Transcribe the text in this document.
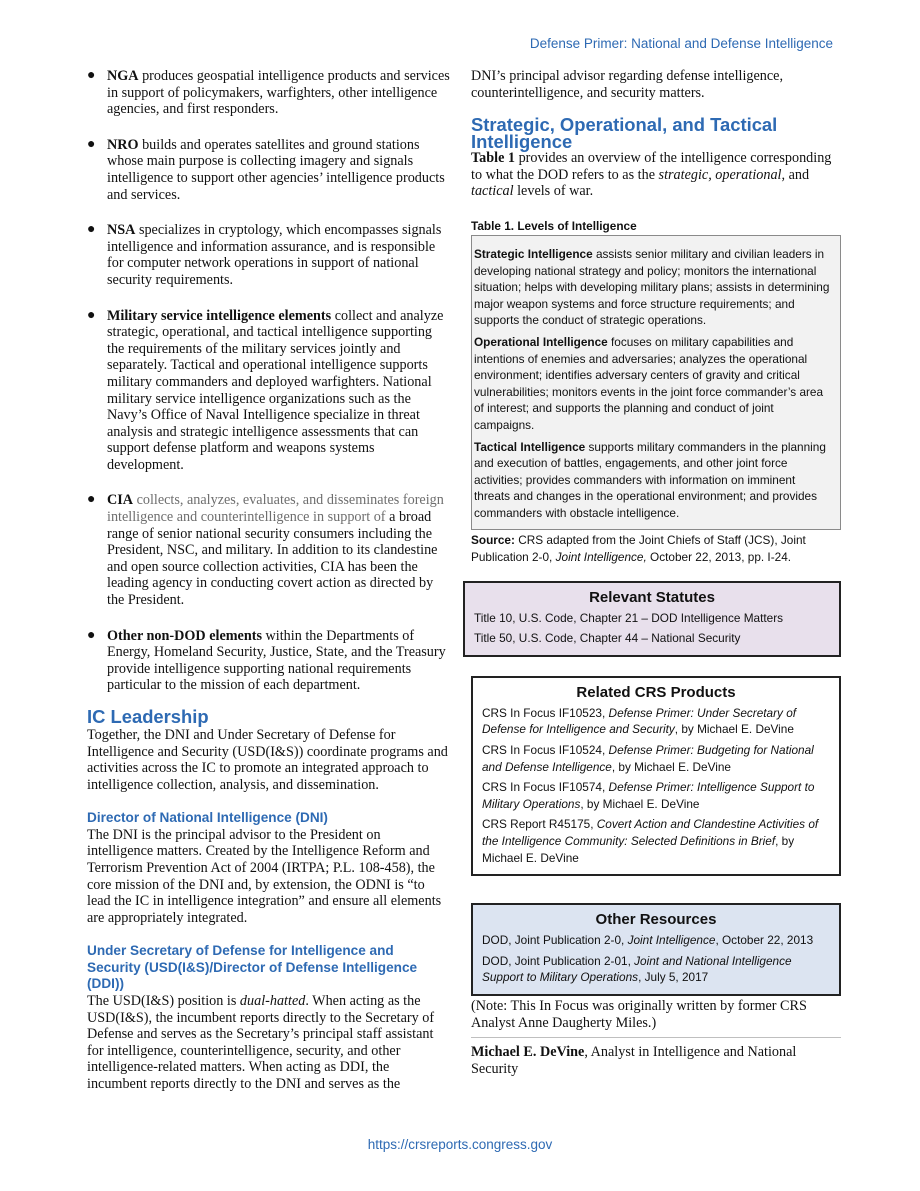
Defense Primer: National and Defense Intelligence
● NGA produces geospatial intelligence products and services in support of policymakers, warfighters, other intelligence agencies, and first responders.
● NRO builds and operates satellites and ground stations whose main purpose is collecting imagery and signals intelligence to support other agencies’ intelligence products and services.
● NSA specializes in cryptology, which encompasses signals intelligence and information assurance, and is responsible for computer network operations in support of national security requirements.
● Military service intelligence elements collect and analyze strategic, operational, and tactical intelligence supporting the requirements of the military services jointly and separately. Tactical and operational intelligence supports military commanders and deployed warfighters. National military service intelligence organizations such as the Navy’s Office of Naval Intelligence specialize in threat analysis and strategic intelligence assessments that can support defense platform and weapons systems development.
● CIA collects, analyzes, evaluates, and disseminates foreign intelligence and counterintelligence in support of a broad range of senior national security consumers including the President, NSC, and military. In addition to its clandestine and open source collection activities, CIA has been the leading agency in conducting covert action as directed by the President.
● Other non-DOD elements within the Departments of Energy, Homeland Security, Justice, State, and the Treasury provide intelligence supporting national requirements particular to the mission of each department.
IC Leadership

Together, the DNI and Under Secretary of Defense for Intelligence and Security (USD(I&S)) coordinate programs and activities across the IC to promote an integrated approach to intelligence collection, analysis, and dissemination.

Director of National Intelligence (DNI)

The DNI is the principal advisor to the President on intelligence matters. Created by the Intelligence Reform and Terrorism Prevention Act of 2004 (IRTPA; P.L. 108-458), the core mission of the DNI and, by extension, the ODNI is “to lead the IC in intelligence integration” and ensure all elements are appropriately integrated.

Under Secretary of Defense for Intelligence and Security (USD(I&S)/Director of Defense Intelligence (DDI))

The USD(I&S) position is dual-hatted. When acting as the USD(I&S), the incumbent reports directly to the Secretary of Defense and serves as the Secretary’s principal staff assistant for intelligence, counterintelligence, security, and other intelligence-related matters. When acting as DDI, the incumbent reports directly to the DNI and serves as the

DNI’s principal advisor regarding defense intelligence, counterintelligence, and security matters.

Strategic, Operational, and Tactical Intelligence

Table 1 provides an overview of the intelligence corresponding to what the DOD refers to as the strategic, operational, and tactical levels of war.

Table 1. Levels of Intelligence

Strategic Intelligence assists senior military and civilian leaders in developing national strategy and policy; monitors the international situation; helps with developing military plans; assists in determining major weapon systems and force structure requirements; and supports the conduct of strategic operations.

Operational Intelligence focuses on military capabilities and intentions of enemies and adversaries; analyzes the operational environment; identifies adversary centers of gravity and critical vulnerabilities; monitors events in the joint force commander’s area of interest; and supports the planning and conduct of joint campaigns.

Tactical Intelligence supports military commanders in the planning and execution of battles, engagements, and other joint force activities; provides commanders with information on imminent threats and changes in the operational environment; and provides commanders with obstacle intelligence.

Source: CRS adapted from the Joint Chiefs of Staff (JCS), Joint Publication 2-0, Joint Intelligence, October 22, 2013, pp. I-24.

Relevant Statutes

Title 10, U.S. Code, Chapter 21 – DOD Intelligence Matters

Title 50, U.S. Code, Chapter 44 – National Security

Related CRS Products

CRS In Focus IF10523, Defense Primer: Under Secretary of Defense for Intelligence and Security, by Michael E. DeVine

CRS In Focus IF10524, Defense Primer: Budgeting for National and Defense Intelligence, by Michael E. DeVine

CRS In Focus IF10574, Defense Primer: Intelligence Support to Military Operations, by Michael E. DeVine

CRS Report R45175, Covert Action and Clandestine Activities of the Intelligence Community: Selected Definitions in Brief, by Michael E. DeVine

Other Resources

DOD, Joint Publication 2-0, Joint Intelligence, October 22, 2013

DOD, Joint Publication 2-01, Joint and National Intelligence Support to Military Operations, July 5, 2017

(Note: This In Focus was originally written by former CRS Analyst Anne Daugherty Miles.)

Michael E. DeVine, Analyst in Intelligence and National Security

https://crsreports.congress.gov
